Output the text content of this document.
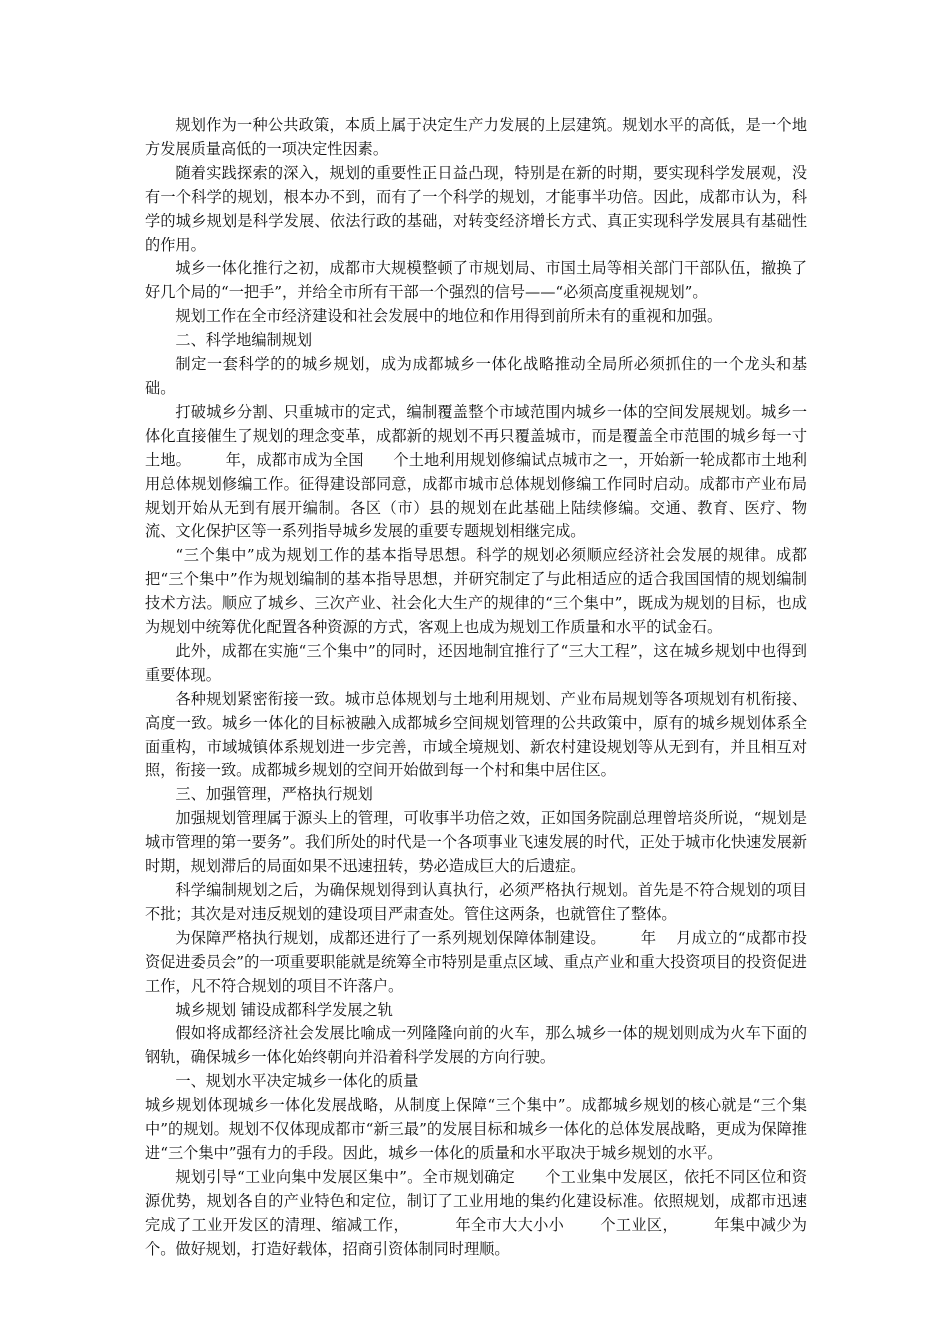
规划作为一种公共政策，本质上属于决定生产力发展的上层建筑。规划水平的高低，是一个地方发展质量高低的一项决定性因素。

随着实践探索的深入，规划的重要性正日益凸现，特别是在新的时期，要实现科学发展观，没有一个科学的规划，根本办不到，而有了一个科学的规划，才能事半功倍。因此，成都市认为，科学的城乡规划是科学发展、依法行政的基础，对转变经济增长方式、真正实现科学发展具有基础性的作用。

城乡一体化推行之初，成都市大规模整顿了市规划局、市国土局等相关部门干部队伍，撤换了好几个局的“一把手”，并给全市所有干部一个强烈的信号——“必须高度重视规划”。

规划工作在全市经济建设和社会发展中的地位和作用得到前所未有的重视和加强。

二、科学地编制规划

制定一套科学的的城乡规划，成为成都城乡一体化战略推动全局所必须抓住的一个龙头和基础。

打破城乡分割、只重城市的定式，编制覆盖整个市域范围内城乡一体的空间发展规划。城乡一体化直接催生了规划的理念变革，成都新的规划不再只覆盖城市，而是覆盖全市范围的城乡每一寸土地。       年，成都市成为全国      个土地利用规划修编试点城市之一，开始新一轮成都市土地利用总体规划修编工作。征得建设部同意，成都市城市总体规划修编工作同时启动。成都市产业布局规划开始从无到有展开编制。各区（市）县的规划在此基础上陆续修编。交通、教育、医疗、物流、文化保护区等一系列指导城乡发展的重要专题规划相继完成。

“三个集中”成为规划工作的基本指导思想。科学的规划必须顺应经济社会发展的规律。成都把“三个集中”作为规划编制的基本指导思想，并研究制定了与此相适应的适合我国国情的规划编制技术方法。顺应了城乡、三次产业、社会化大生产的规律的“三个集中”，既成为规划的目标，也成为规划中统筹优化配置各种资源的方式，客观上也成为规划工作质量和水平的试金石。

此外，成都在实施“三个集中”的同时，还因地制宜推行了“三大工程”，这在城乡规划中也得到重要体现。

各种规划紧密衔接一致。城市总体规划与土地利用规划、产业布局规划等各项规划有机衔接、高度一致。城乡一体化的目标被融入成都城乡空间规划管理的公共政策中，原有的城乡规划体系全面重构，市域城镇体系规划进一步完善，市域全境规划、新农村建设规划等从无到有，并且相互对照，衔接一致。成都城乡规划的空间开始做到每一个村和集中居住区。

三、加强管理，严格执行规划

加强规划管理属于源头上的管理，可收事半功倍之效，正如国务院副总理曾培炎所说，“规划是城市管理的第一要务”。我们所处的时代是一个各项事业飞速发展的时代，正处于城市化快速发展新时期，规划滞后的局面如果不迅速扭转，势必造成巨大的后遗症。

科学编制规划之后，为确保规划得到认真执行，必须严格执行规划。首先是不符合规划的项目不批；其次是对违反规划的建设项目严肃查处。管住这两条，也就管住了整体。

为保障严格执行规划，成都还进行了一系列规划保障体制建设。       年    月成立的“成都市投资促进委员会”的一项重要职能就是统筹全市特别是重点区域、重点产业和重大投资项目的投资促进工作，凡不符合规划的项目不许落户。

城乡规划 铺设成都科学发展之轨

假如将成都经济社会发展比喻成一列隆隆向前的火车，那么城乡一体的规划则成为火车下面的钢轨，确保城乡一体化始终朝向并沿着科学发展的方向行驶。

一、规划水平决定城乡一体化的质量

城乡规划体现城乡一体化发展战略，从制度上保障“三个集中”。成都城乡规划的核心就是“三个集中”的规划。规划不仅体现成都市“新三最”的发展目标和城乡一体化的总体发展战略，更成为保障推进“三个集中”强有力的手段。因此，城乡一体化的质量和水平取决于城乡规划的水平。

规划引导“工业向集中发展区集中”。全市规划确定      个工业集中发展区，依托不同区位和资源优势，规划各自的产业特色和定位，制订了工业用地的集约化建设标准。依照规划，成都市迅速完成了工业开发区的清理、缩减工作，         年全市大大小小       个工业区，       年集中减少为      个。做好规划，打造好载体，招商引资体制同时理顺。
